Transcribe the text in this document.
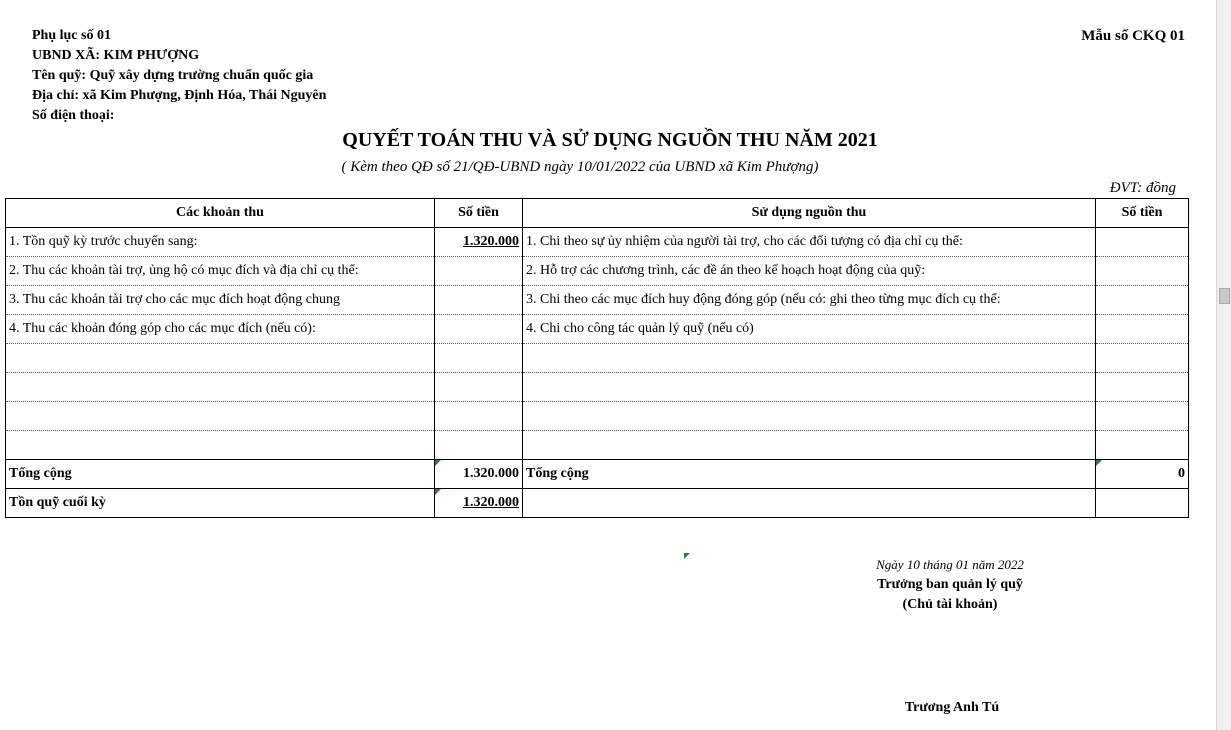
Phụ lục số 01
UBND XÃ: KIM PHƯỢNG
Tên quỹ: Quỹ xây dựng trường chuẩn quốc gia
Địa chỉ: xã Kim Phượng, Định Hóa, Thái Nguyên
Số điện thoại:
Mẫu số CKQ 01
QUYẾT TOÁN THU VÀ SỬ DỤNG NGUỒN THU NĂM 2021
( Kèm theo QĐ số 21/QĐ-UBND ngày 10/01/2022 của UBND xã Kim Phượng)
ĐVT: đồng
Các khoản thu	Số tiền	Sử dụng nguồn thu	Số tiền
1. Tồn quỹ kỳ trước chuyển sang:	1.320.000	1. Chi theo sự ủy nhiệm của người tài trợ, cho các đối tượng có địa chỉ cụ thể:	
2. Thu các khoản tài trợ, ủng hộ có mục đích và địa chỉ cụ thể:		2. Hỗ trợ các chương trình, các đề án theo kế hoạch hoạt động của quỹ:	
3. Thu các khoản tài trợ cho các mục đích hoạt động chung		3. Chi theo các mục đích huy động đóng góp (nếu có: ghi theo từng mục đích cụ thể:	
4. Thu các khoản đóng góp cho các mục đích (nếu có):		4. Chi cho công tác quản lý quỹ (nếu có)	

Tổng cộng	1.320.000	Tổng cộng	0
Tồn quỹ cuối kỳ	1.320.000		
Ngày 10 tháng 01 năm 2022
Trưởng ban quản lý quỹ
(Chủ tài khoản)
Trương Anh Tú
